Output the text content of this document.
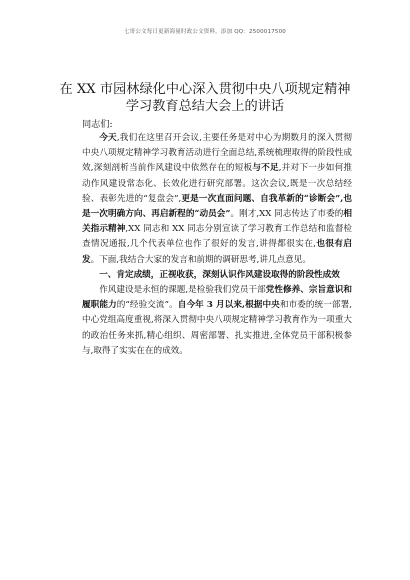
七哥公文每日更新海量时政公文资料，添加 QQ：2500017500
在 XX 市园林绿化中心深入贯彻中央八项规定精神学习教育总结大会上的讲话
同志们:

今天,我们在这里召开会议,主要任务是对中心为期数月的深入贯彻中央八项规定精神学习教育活动进行全面总结,系统梳理取得的阶段性成效,深刻剖析当前作风建设中依然存在的短板与不足,并对下一步如何推动作风建设常态化、长效化进行研究部署。这次会议,既是一次总结经验、表彰先进的“复盘会”,更是一次直面问题、自我革新的“诊断会”,也是一次明确方向、再启新程的“动员会”。刚才,XX 同志传达了市委的相关指示精神,XX 同志和 XX 同志分别宣读了学习教育工作总结和监督检查情况通报,几个代表单位也作了很好的发言,讲得都很实在,也很有启发。下面,我结合大家的发言和前期的调研思考,讲几点意见。

一、肯定成绩，正视收获，深刻认识作风建设取得的阶段性成效

作风建设是永恒的课题,是检验我们党员干部党性修养、宗旨意识和履职能力的“经验交流”。自今年 3 月以来,根据中央和市委的统一部署,中心党组高度重视,将深入贯彻中央八项规定精神学习教育作为一项重大的政治任务来抓,精心组织、周密部署、扎实推进,全体党员干部积极参与,取得了实实在在的成效。
